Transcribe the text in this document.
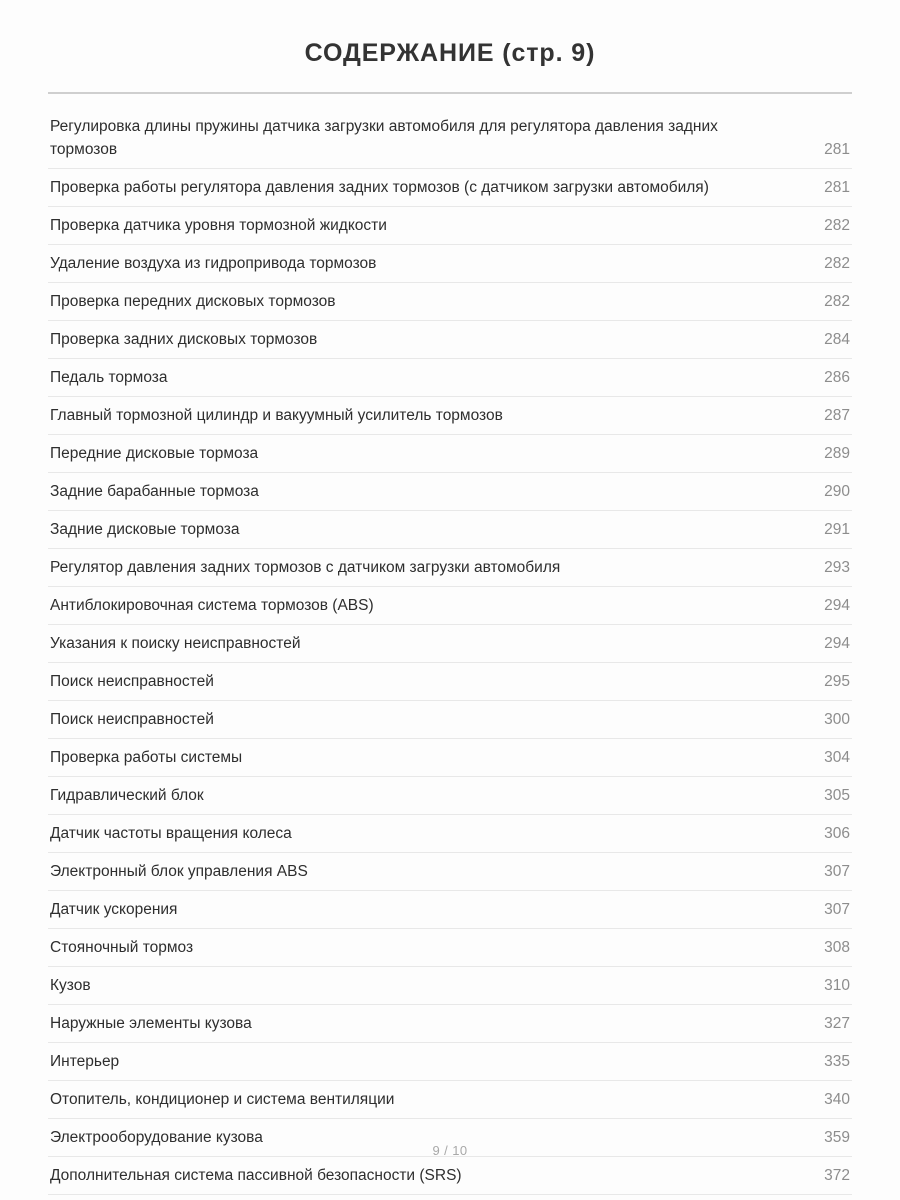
СОДЕРЖАНИЕ (стр. 9)
Регулировка длины пружины датчика загрузки автомобиля для регулятора давления задних тормозов	281
Проверка работы регулятора давления задних тормозов (с датчиком загрузки автомобиля)	281
Проверка датчика уровня тормозной жидкости	282
Удаление воздуха из гидропривода тормозов	282
Проверка передних дисковых тормозов	282
Проверка задних дисковых тормозов	284
Педаль тормоза	286
Главный тормозной цилиндр и вакуумный усилитель тормозов	287
Передние дисковые тормоза	289
Задние барабанные тормоза	290
Задние дисковые тормоза	291
Регулятор давления задних тормозов с датчиком загрузки автомобиля	293
Антиблокировочная система тормозов (ABS)	294
Указания к поиску неисправностей	294
Поиск неисправностей	295
Поиск неисправностей	300
Проверка работы системы	304
Гидравлический блок	305
Датчик частоты вращения колеса	306
Электронный блок управления ABS	307
Датчик ускорения	307
Стояночный тормоз	308
Кузов	310
Наружные элементы кузова	327
Интерьер	335
Отопитель, кондиционер и система вентиляции	340
Электрооборудование кузова	359
Дополнительная система пассивной безопасности (SRS)	372
9 / 10
